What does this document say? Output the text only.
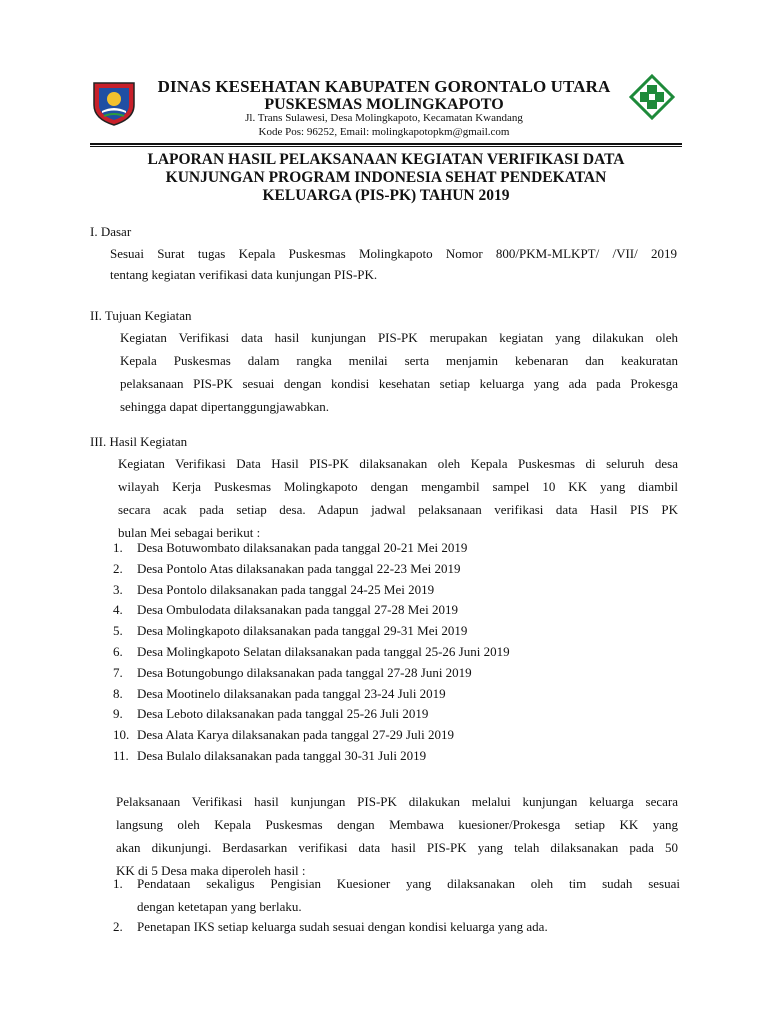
DINAS KESEHATAN KABUPATEN GORONTALO UTARA
PUSKESMAS MOLINGKAPOTO
Jl. Trans Sulawesi, Desa Molingkapoto, Kecamatan Kwandang
Kode Pos: 96252, Email: molingkapotopkm@gmail.com
LAPORAN HASIL PELAKSANAAN KEGIATAN VERIFIKASI DATA
KUNJUNGAN PROGRAM INDONESIA SEHAT PENDEKATAN
KELUARGA (PIS-PK) TAHUN 2019
I. Dasar
Sesuai Surat tugas Kepala Puskesmas Molingkapoto Nomor 800/PKM-MLKPT/ /VII/ 2019
tentang kegiatan verifikasi data kunjungan PIS-PK.
II. Tujuan Kegiatan
Kegiatan Verifikasi data hasil kunjungan PIS-PK merupakan kegiatan yang dilakukan oleh
Kepala Puskesmas dalam rangka menilai serta menjamin kebenaran dan keakuratan
pelaksanaan PIS-PK sesuai dengan kondisi kesehatan setiap keluarga yang ada pada Prokesga
sehingga dapat dipertanggungjawabkan.
III. Hasil Kegiatan
Kegiatan Verifikasi Data Hasil PIS-PK dilaksanakan oleh Kepala Puskesmas di seluruh desa
wilayah Kerja Puskesmas Molingkapoto dengan mengambil sampel 10 KK yang diambil
secara acak pada setiap desa. Adapun jadwal pelaksanaan verifikasi data Hasil PIS PK
bulan Mei sebagai berikut :
1. Desa Botuwombato dilaksanakan pada tanggal 20-21 Mei 2019
2. Desa Pontolo Atas dilaksanakan pada tanggal 22-23 Mei 2019
3. Desa Pontolo dilaksanakan pada tanggal 24-25 Mei 2019
4. Desa Ombulodata dilaksanakan pada tanggal 27-28 Mei 2019
5. Desa Molingkapoto dilaksanakan pada tanggal 29-31 Mei 2019
6. Desa Molingkapoto Selatan dilaksanakan pada tanggal 25-26 Juni 2019
7. Desa Botungobungo dilaksanakan pada tanggal 27-28 Juni 2019
8. Desa Mootinelo dilaksanakan pada tanggal 23-24 Juli 2019
9. Desa Leboto dilaksanakan pada tanggal 25-26 Juli 2019
10. Desa Alata Karya dilaksanakan pada tanggal 27-29 Juli 2019
11. Desa Bulalo dilaksanakan pada tanggal 30-31 Juli 2019
Pelaksanaan Verifikasi hasil kunjungan PIS-PK dilakukan melalui kunjungan keluarga secara
langsung oleh Kepala Puskesmas dengan Membawa kuesioner/Prokesga setiap KK yang
akan dikunjungi. Berdasarkan verifikasi data hasil PIS-PK yang telah dilaksanakan pada 50
KK di 5 Desa maka diperoleh hasil :
1. Pendataan sekaligus Pengisian Kuesioner yang dilaksanakan oleh tim sudah sesuai
dengan ketetapan yang berlaku.
2. Penetapan IKS setiap keluarga sudah sesuai dengan kondisi keluarga yang ada.
